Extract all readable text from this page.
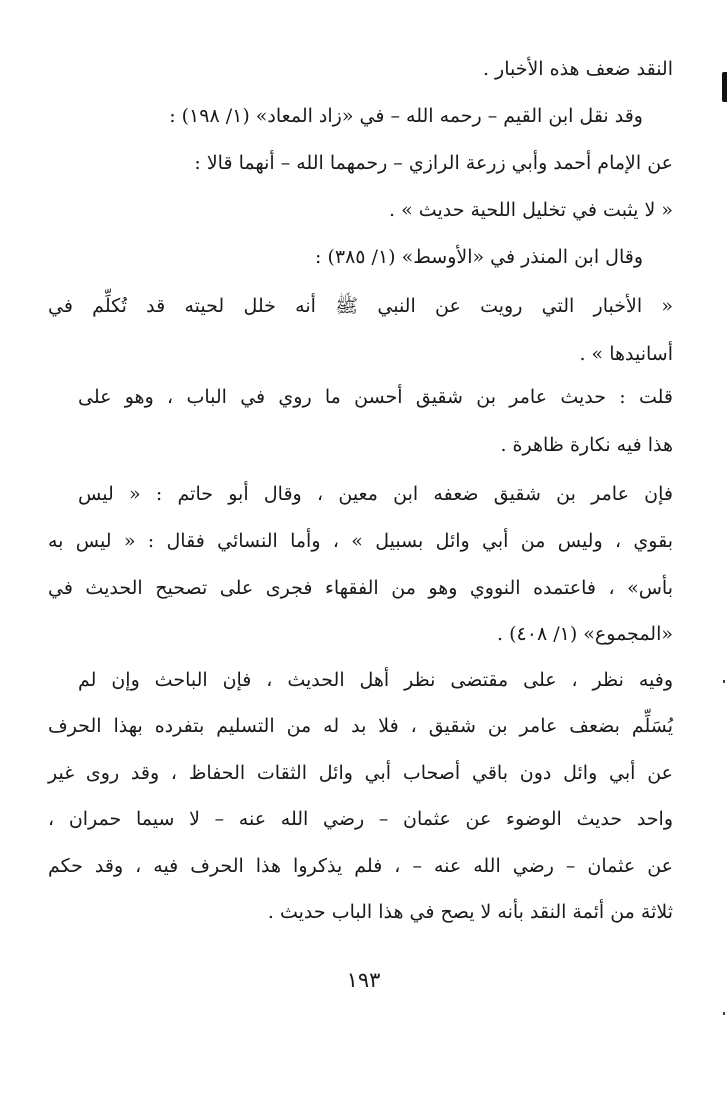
النقد ضعف هذه الأخبار .
وقد نقل ابن القيم – رحمه الله – في «زاد المعاد» (١/ ١٩٨) :
عن الإمام أحمد وأبي زرعة الرازي – رحمهما الله – أنهما قالا :
« لا يثبت في تخليل اللحية حديث » .
وقال ابن المنذر في «الأوسط» (١/ ٣٨٥) :
« الأخبار التي رويت عن النبي ﷺ أنه خلل لحيته قد تُكلِّم في
أسانيدها » .
قلت : حديث عامر بن شقيق أحسن ما روي في الباب ، وهو على
هذا فيه نكارة ظاهرة .
فإن عامر بن شقيق ضعفه ابن معين ، وقال أبو حاتم : « ليس
بقوي ، وليس من أبي وائل بسبيل » ، وأما النسائي فقال : « ليس به
بأس» ، فاعتمده النووي وهو من الفقهاء فجرى على تصحيح الحديث في
«المجموع» (١/ ٤٠٨) .
وفيه نظر ، على مقتضى نظر أهل الحديث ، فإن الباحث وإن لم
يُسَلِّم بضعف عامر بن شقيق ، فلا بد له من التسليم بتفرده بهذا الحرف
عن أبي وائل دون باقي أصحاب أبي وائل الثقات الحفاظ ، وقد روى غير
واحد حديث الوضوء عن عثمان – رضي الله عنه – لا سيما حمران ،
عن عثمان – رضي الله عنه – ، فلم يذكروا هذا الحرف فيه ، وقد حكم
ثلاثة من أئمة النقد بأنه لا يصح في هذا الباب حديث .
١٩٣
